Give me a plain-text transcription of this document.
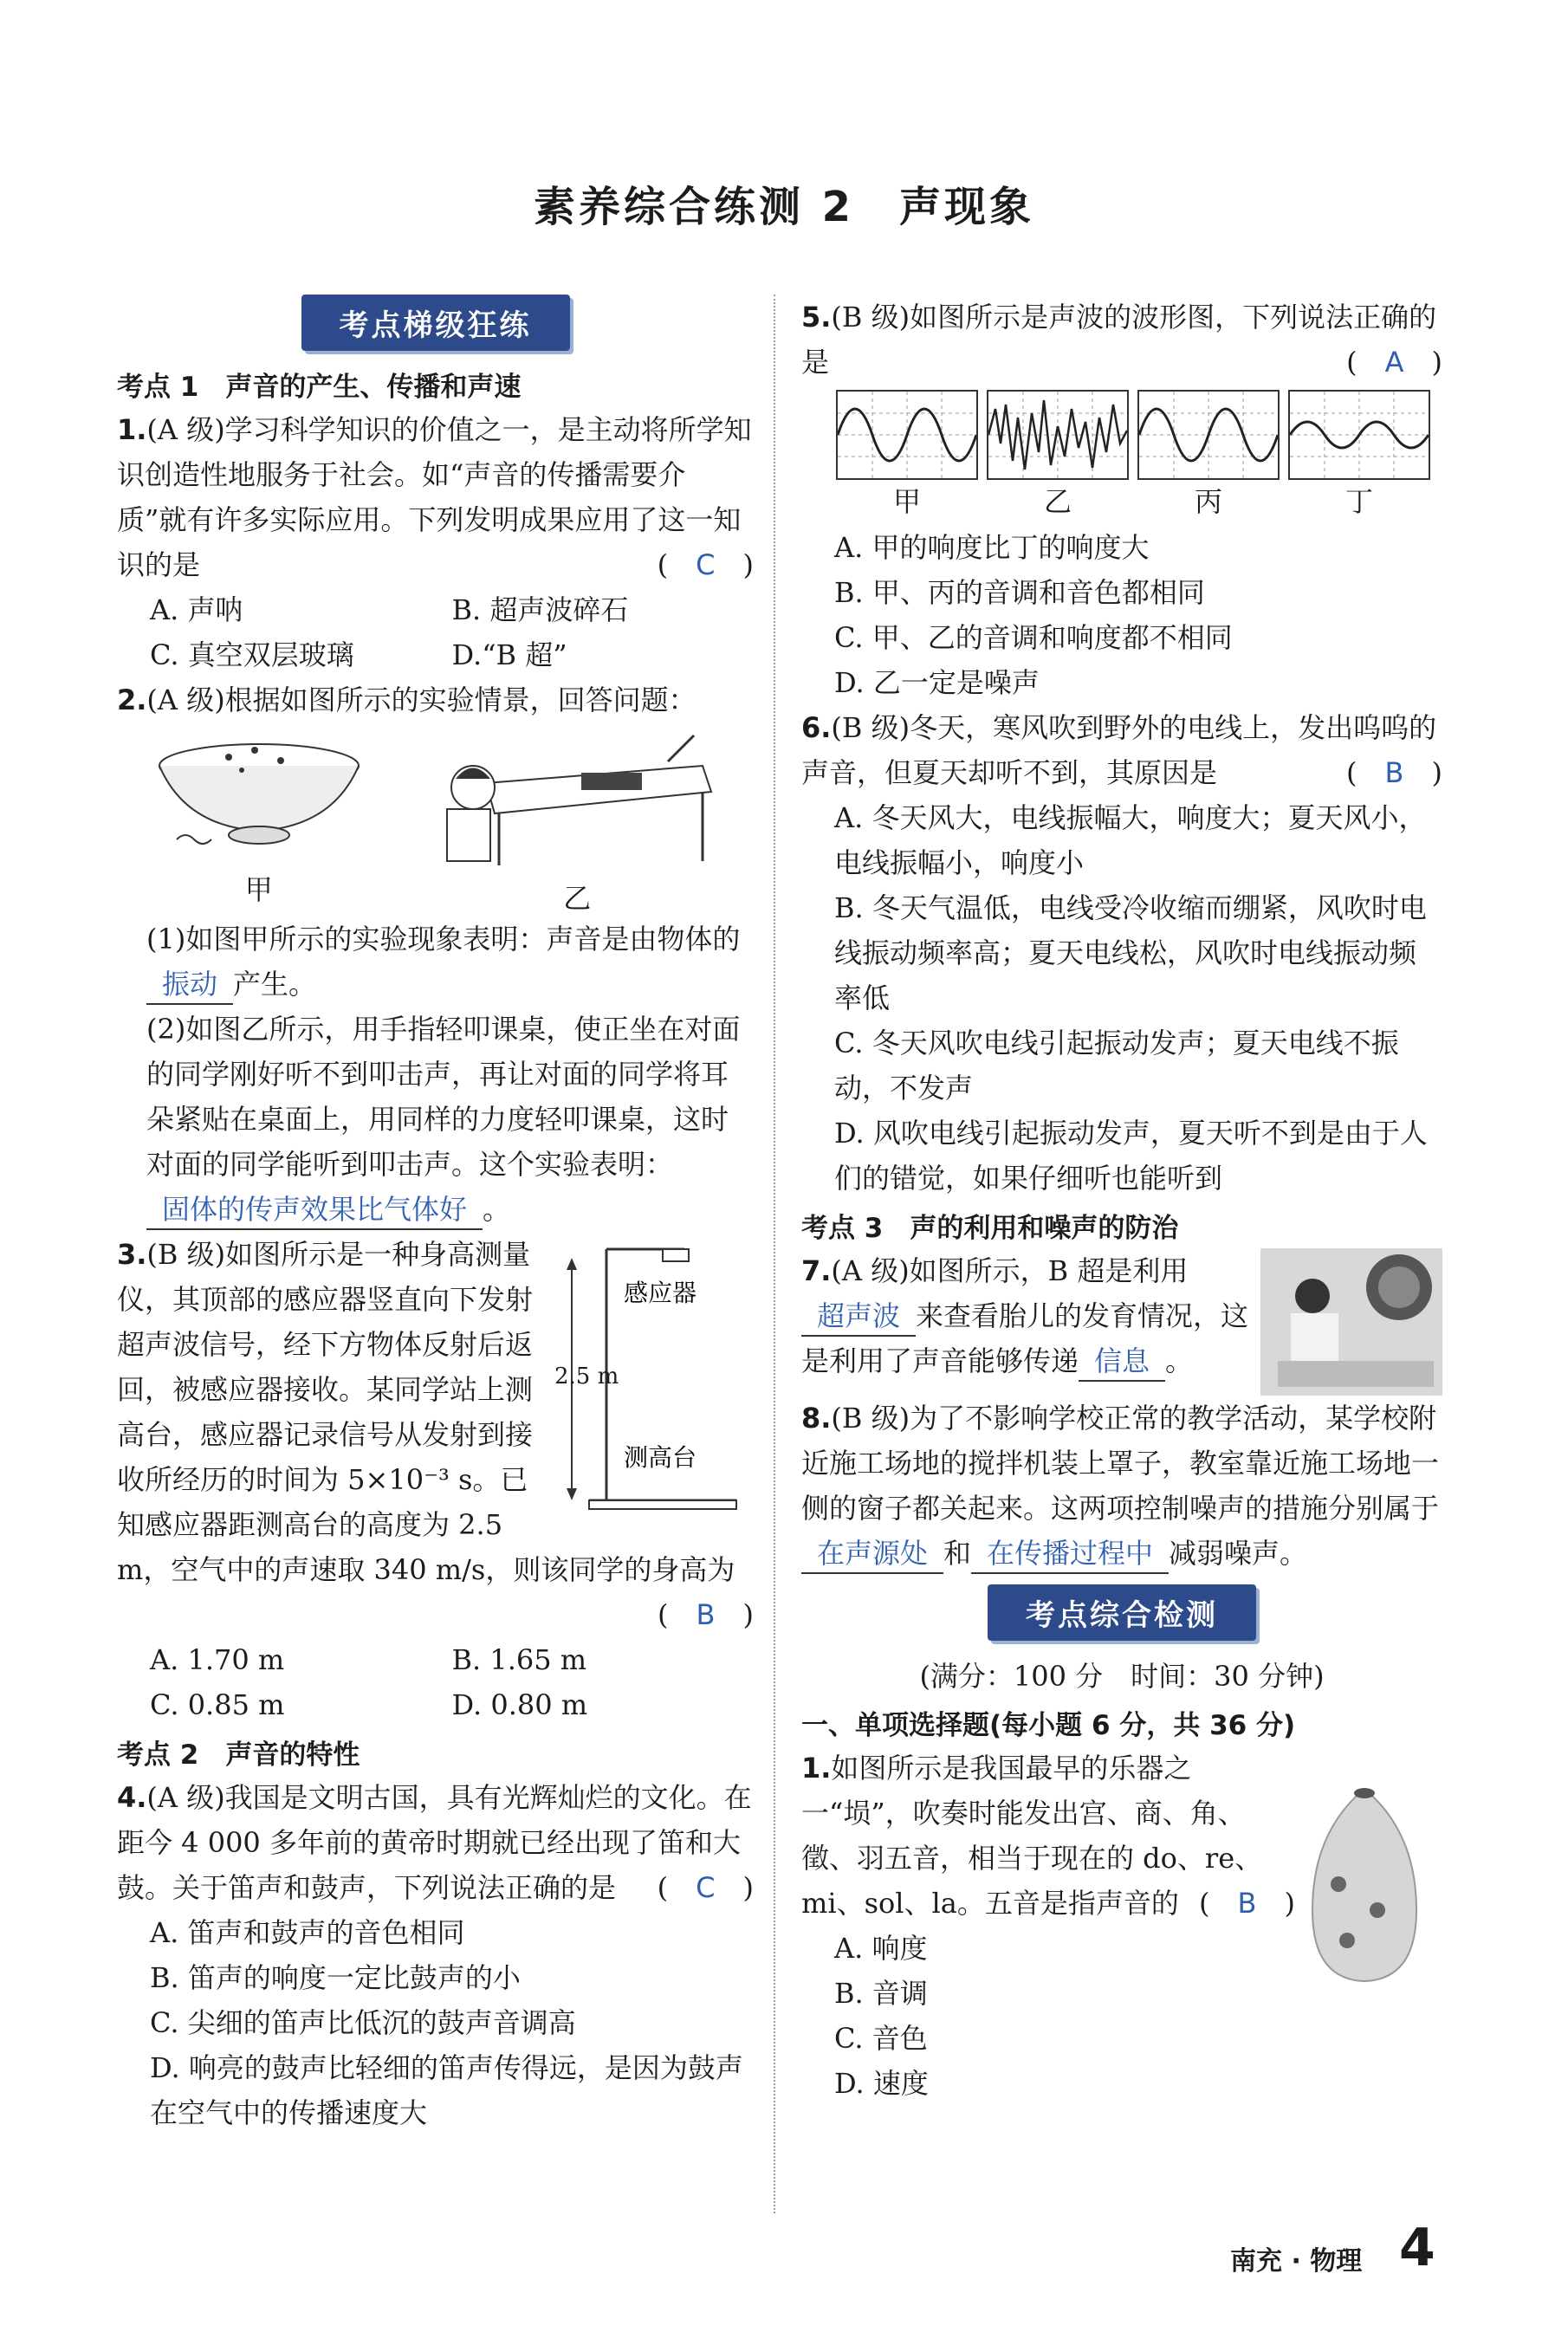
素养综合练测 2　声现象
考点梯级狂练
考点 1　声音的产生、传播和声速

1.(A 级)学习科学知识的价值之一，是主动将所学知识创造性地服务于社会。如“声音的传播需要介质”就有许多实际应用。下列发明成果应用了这一知识的是	(　C　)

A. 声呐	B. 超声波碎石
C. 真空双层玻璃	D.“B 超”

2.(A 级)根据如图所示的实验情景，回答问题：

甲	乙

(1)如图甲所示的实验现象表明：声音是由物体的振动 产生。

(2)如图乙所示，用手指轻叩课桌，使正坐在对面的同学刚好听不到叩击声，再让对面的同学将耳朵紧贴在桌面上，用同样的力度轻叩课桌，这时对面的同学能听到叩击声。这个实验表明：固体的传声效果比气体好 。

感应器
2.5 m
测高台

3.(B 级)如图所示是一种身高测量仪，其顶部的感应器竖直向下发射超声波信号，经下方物体反射后返回，被感应器接收。某同学站上测高台，感应器记录信号从发射到接收所经历的时间为 5×10⁻³ s。已知感应器距测高台的高度为 2.5 m，空气中的声速取 340 m/s，则该同学的身高为
(　B　)

A. 1.70 m	B. 1.65 m
C. 0.85 m	D. 0.80 m
考点 2　声音的特性

4.(A 级)我国是文明古国，具有光辉灿烂的文化。在距今 4 000 多年前的黄帝时期就已经出现了笛和大鼓。关于笛声和鼓声，下列说法正确的是 (　C　)

A. 笛声和鼓声的音色相同
B. 笛声的响度一定比鼓声的小
C. 尖细的笛声比低沉的鼓声音调高
D. 响亮的鼓声比轻细的笛声传得远，是因为鼓声在空气中的传播速度大

5.(B 级)如图所示是声波的波形图，下列说法正确的是	(　A　)

甲	乙	丙	丁
A. 甲的响度比丁的响度大
B. 甲、丙的音调和音色都相同
C. 甲、乙的音调和响度都不相同
D. 乙一定是噪声

6.(B 级)冬天，寒风吹到野外的电线上，发出呜呜的声音，但夏天却听不到，其原因是	(　B　)

A. 冬天风大，电线振幅大，响度大；夏天风小，电线振幅小，响度小
B. 冬天气温低，电线受冷收缩而绷紧，风吹时电线振动频率高；夏天电线松，风吹时电线振动频率低
C. 冬天风吹电线引起振动发声；夏天电线不振动，不发声
D. 风吹电线引起振动发声，夏天听不到是由于人们的错觉，如果仔细听也能听到
考点 3　声的利用和噪声的防治

7.(A 级)如图所示，B 超是利用超声波 来查看胎儿的发育情况，这是利用了声音能够传递 信息 。

8.(B 级)为了不影响学校正常的教学活动，某学校附近施工场地的搅拌机装上罩子，教室靠近施工场地一侧的窗子都关起来。这两项控制噪声的措施分别属于在声源处 和 在传播过程中 减弱噪声。

考点综合检测
(满分：100 分　时间：30 分钟)
一、单项选择题(每小题 6 分，共 36 分)

1.如图所示是我国最早的乐器之一“埙”，吹奏时能发出宫、商、角、徵、羽五音，相当于现在的 do、re、mi、sol、la。五音是指声音的 (　B　)

A. 响度
B. 音调
C. 音色
D. 速度
南充 · 物理 4
